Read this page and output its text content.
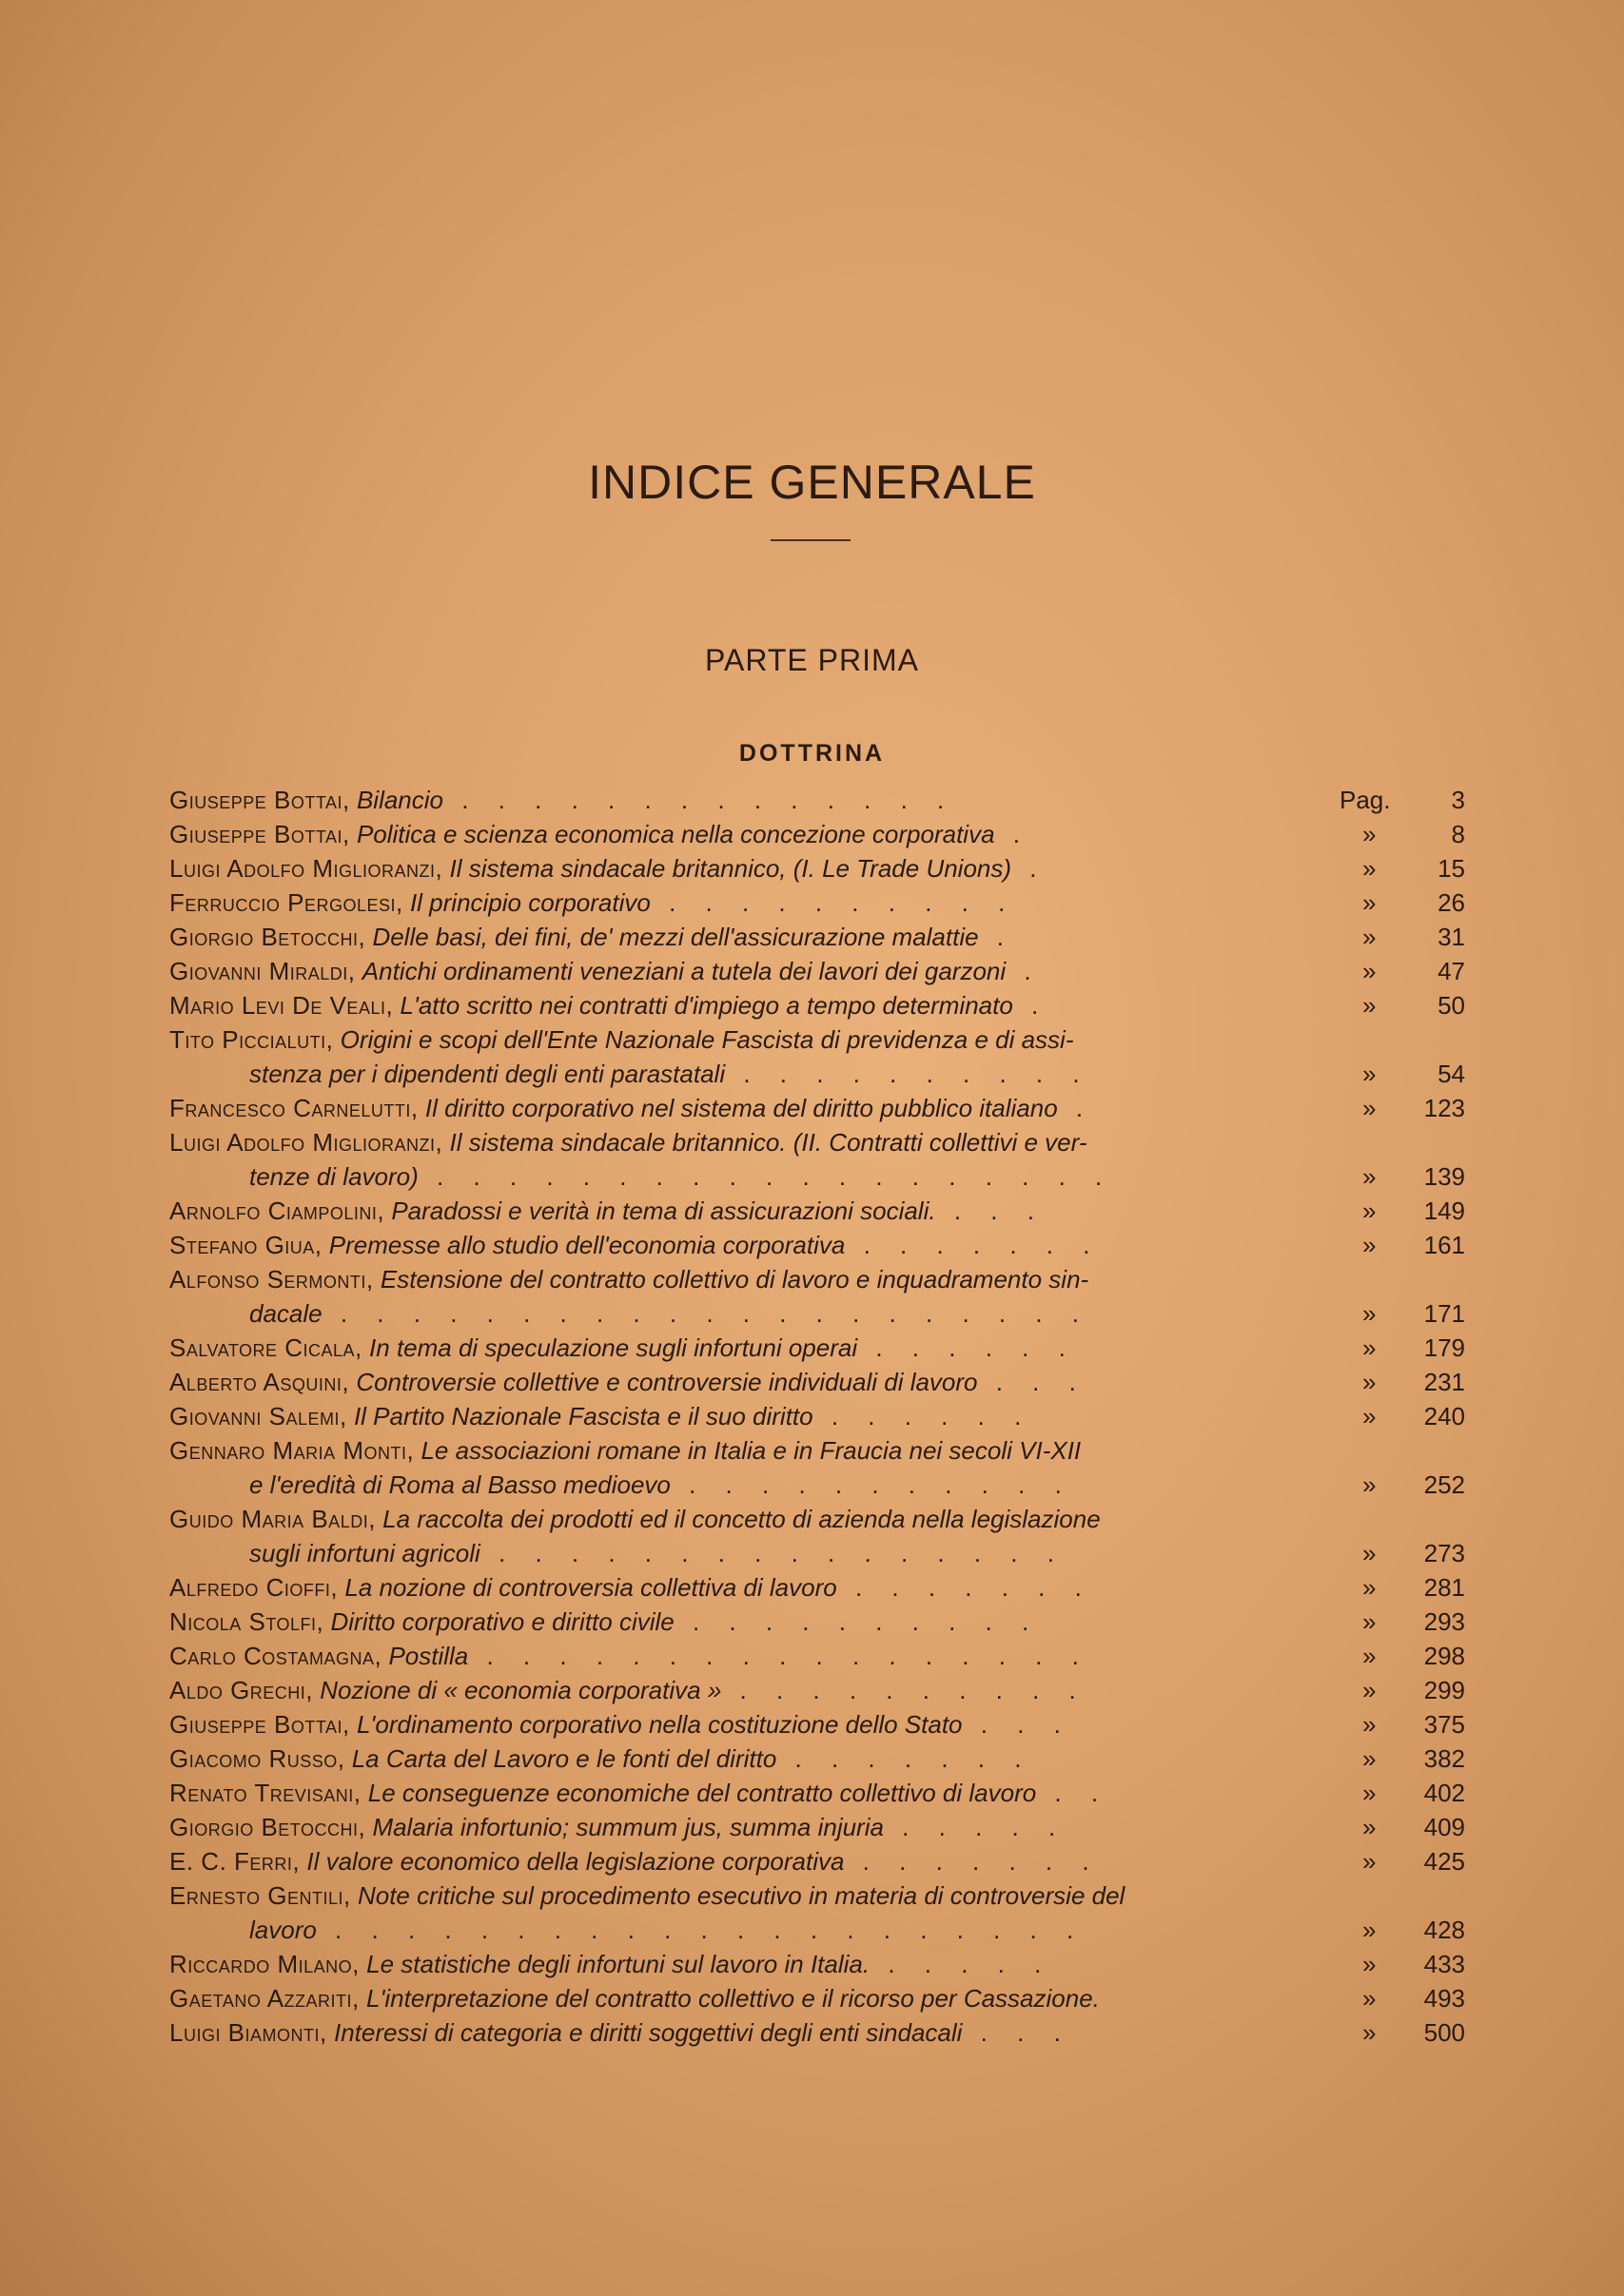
INDICE GENERALE
PARTE PRIMA
DOTTRINA
Giuseppe Bottai, Bilancio . . . . . . . . . . . . . .	Pag. 3
Giuseppe Bottai, Politica e scienza economica nella concezione corporativa .	»	8
Luigi Adolfo Miglioranzi, Il sistema sindacale britannico, (I. Le Trade Unions) .	»	15
Ferruccio Pergolesi, Il principio corporativo . . . . . . . . . .	»	26
Giorgio Betocchi, Delle basi, dei fini, de' mezzi dell'assicurazione malattie .	»	31
Giovanni Miraldi, Antichi ordinamenti veneziani a tutela dei lavori dei garzoni .	»	47
Mario Levi De Veali, L'atto scritto nei contratti d'impiego a tempo determinato .	»	50
Tito Piccialuti, Origini e scopi dell'Ente Nazionale Fascista di previdenza e di assi-
stenza per i dipendenti degli enti parastatali . . . . . . . . . .	»	54
Francesco Carnelutti, Il diritto corporativo nel sistema del diritto pubblico italiano .	»	123
Luigi Adolfo Miglioranzi, Il sistema sindacale britannico. (II. Contratti collettivi e ver-
tenze di lavoro) . . . . . . . . . . . . . . . . . . .	»	139
Arnolfo Ciampolini, Paradossi e verità in tema di assicurazioni sociali. . . .	»	149
Stefano Giua, Premesse allo studio dell'economia corporativa . . . . . . .	»	161
Alfonso Sermonti, Estensione del contratto collettivo di lavoro e inquadramento sin-
dacale . . . . . . . . . . . . . . . . . . . . .	»	171
Salvatore Cicala, In tema di speculazione sugli infortuni operai . . . . . .	»	179
Alberto Asquini, Controversie collettive e controversie individuali di lavoro . . .	»	231
Giovanni Salemi, Il Partito Nazionale Fascista e il suo diritto . . . . . .	»	240
Gennaro Maria Monti, Le associazioni romane in Italia e in Fraucia nei secoli VI-XII
e l'eredità di Roma al Basso medioevo . . . . . . . . . . .	»	252
Guido Maria Baldi, La raccolta dei prodotti ed il concetto di azienda nella legislazione
sugli infortuni agricoli . . . . . . . . . . . . . . . .	»	273
Alfredo Cioffi, La nozione di controversia collettiva di lavoro . . . . . . .	»	281
Nicola Stolfi, Diritto corporativo e diritto civile . . . . . . . . . .	»	293
Carlo Costamagna, Postilla . . . . . . . . . . . . . . . . .	»	298
Aldo Grechi, Nozione di « economia corporativa » . . . . . . . . . .	»	299
Giuseppe Bottai, L'ordinamento corporativo nella costituzione dello Stato . . .	»	375
Giacomo Russo, La Carta del Lavoro e le fonti del diritto . . . . . . .	»	382
Renato Trevisani, Le conseguenze economiche del contratto collettivo di lavoro . .	»	402
Giorgio Betocchi, Malaria infortunio; summum jus, summa injuria . . . . .	»	409
E. C. Ferri, Il valore economico della legislazione corporativa . . . . . . .	»	425
Ernesto Gentili, Note critiche sul procedimento esecutivo in materia di controversie del
lavoro . . . . . . . . . . . . . . . . . . . . .	»	428
Riccardo Milano, Le statistiche degli infortuni sul lavoro in Italia. . . . . .	»	433
Gaetano Azzariti, L'interpretazione del contratto collettivo e il ricorso per Cassazione.	»	493
Luigi Biamonti, Interessi di categoria e diritti soggettivi degli enti sindacali . . .	»	500
